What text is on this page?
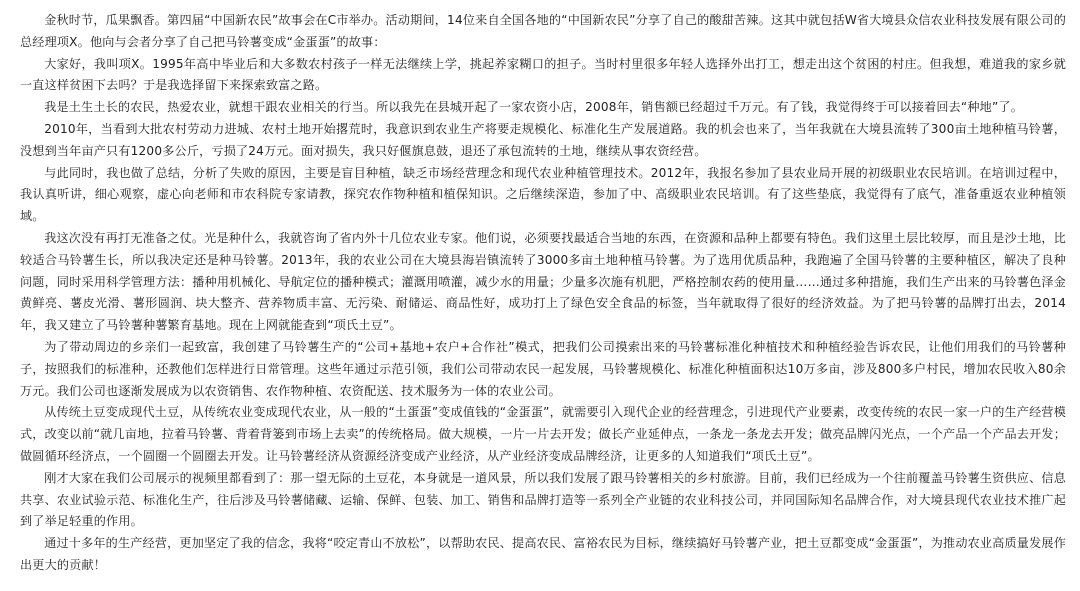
金秋时节，瓜果飘香。第四届“中国新农民”故事会在C市举办。活动期间，14位来自全国各地的“中国新农民”分享了自己的酸甜苦辣。这其中就包括W省大境县众信农业科技发展有限公司的总经理项X。他向与会者分享了自己把马铃薯变成“金蛋蛋”的故事：

大家好，我叫项X。1995年高中毕业后和大多数农村孩子一样无法继续上学，挑起养家糊口的担子。当时村里很多年轻人选择外出打工，想走出这个贫困的村庄。但我想，难道我的家乡就一直这样贫困下去吗？于是我选择留下来探索致富之路。

我是土生土长的农民，热爱农业，就想干跟农业相关的行当。所以我先在县城开起了一家农资小店，2008年，销售额已经超过千万元。有了钱，我觉得终于可以接着回去“种地”了。

2010年，当看到大批农村劳动力进城、农村土地开始撂荒时，我意识到农业生产将要走规模化、标准化生产发展道路。我的机会也来了，当年我就在大境县流转了300亩土地种植马铃薯，没想到当年亩产只有1200多公斤，亏损了24万元。面对损失，我只好偃旗息鼓，退还了承包流转的土地，继续从事农资经营。

与此同时，我也做了总结，分析了失败的原因，主要是盲目种植，缺乏市场经营理念和现代农业种植管理技术。2012年，我报名参加了县农业局开展的初级职业农民培训。在培训过程中，我认真听讲，细心观察，虚心向老师和市农科院专家请教，探究农作物种植和植保知识。之后继续深造，参加了中、高级职业农民培训。有了这些垫底，我觉得有了底气，准备重返农业种植领域。

我这次没有再打无准备之仗。光是种什么，我就咨询了省内外十几位农业专家。他们说，必须要找最适合当地的东西，在资源和品种上都要有特色。我们这里土层比较厚，而且是沙土地，比较适合马铃薯生长，所以我决定还是种马铃薯。2013年，我的农业公司在大境县海岩镇流转了3000多亩土地种植马铃薯。为了选用优质品种，我跑遍了全国马铃薯的主要种植区，解决了良种问题，同时采用科学管理方法：播种用机械化、导航定位的播种模式；灌溉用喷灌，减少水的用量；少量多次施有机肥，严格控制农药的使用量……通过多种措施，我们生产出来的马铃薯色泽金黄鲜亮、薯皮光滑、薯形圆润、块大整齐、营养物质丰富、无污染、耐储运、商品性好，成功打上了绿色安全食品的标签，当年就取得了很好的经济效益。为了把马铃薯的品牌打出去，2014年，我又建立了马铃薯种薯繁育基地。现在上网就能查到“项氏土豆”。

为了带动周边的乡亲们一起致富，我创建了马铃薯生产的“公司+基地+农户+合作社”模式，把我们公司摸索出来的马铃薯标准化种植技术和种植经验告诉农民，让他们用我们的马铃薯种子，按照我们的标准种，还教他们怎样进行日常管理。这些年通过示范引领，我们公司带动农民一起发展，马铃薯规模化、标准化种植面积达10万多亩，涉及800多户村民，增加农民收入80余万元。我们公司也逐渐发展成为以农资销售、农作物种植、农资配送、技术服务为一体的农业公司。

从传统土豆变成现代土豆，从传统农业变成现代农业，从一般的“土蛋蛋”变成值钱的“金蛋蛋”，就需要引入现代企业的经营理念，引进现代产业要素，改变传统的农民一家一户的生产经营模式，改变以前“就几亩地，拉着马铃薯、背着背篓到市场上去卖”的传统格局。做大规模，一片一片去开发；做长产业延伸点，一条龙一条龙去开发；做亮品牌闪光点，一个产品一个产品去开发；做圆循环经济点，一个圆圈一个圆圈去开发。让马铃薯经济从资源经济变成产业经济，从产业经济变成品牌经济，让更多的人知道我们“项氏土豆”。

刚才大家在我们公司展示的视频里都看到了：那一望无际的土豆花，本身就是一道风景，所以我们发展了跟马铃薯相关的乡村旅游。目前，我们已经成为一个往前覆盖马铃薯生资供应、信息共享、农业试验示范、标准化生产，往后涉及马铃薯储藏、运输、保鲜、包装、加工、销售和品牌打造等一系列全产业链的农业科技公司，并同国际知名品牌合作，对大境县现代农业技术推广起到了举足轻重的作用。

通过十多年的生产经营，更加坚定了我的信念，我将“咬定青山不放松”，以帮助农民、提高农民、富裕农民为目标，继续搞好马铃薯产业，把土豆都变成“金蛋蛋”，为推动农业高质量发展作出更大的贡献！
